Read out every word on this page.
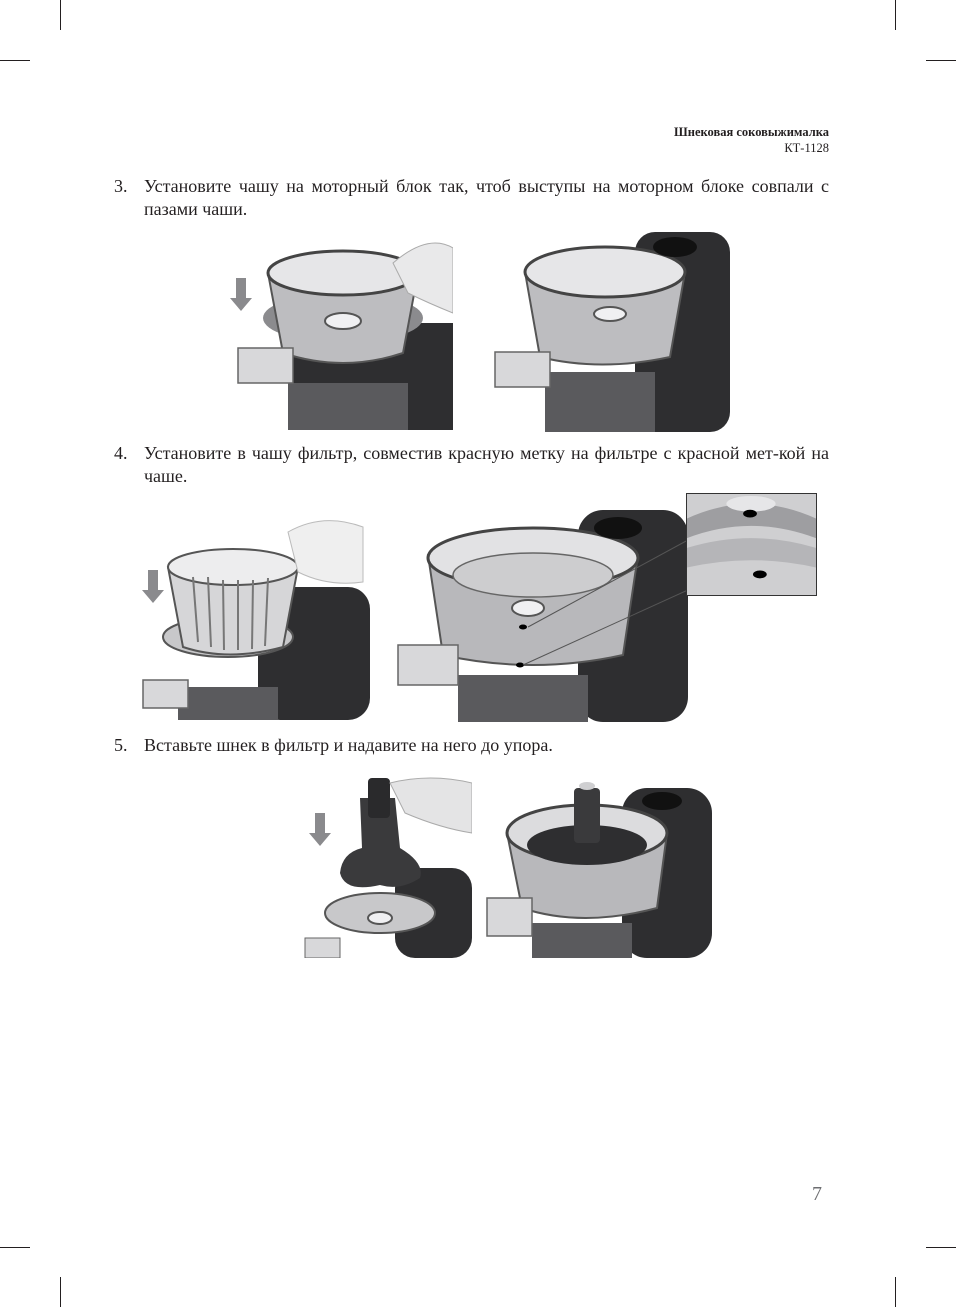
Шнековая соковыжималка
КТ-1128
3. Установите чашу на моторный блок так, чтоб выступы на моторном блоке совпали с пазами чаши.
4. Установите в чашу фильтр, совместив красную метку на фильтре с красной мет-кой на чаше.
5. Вставьте шнек в фильтр и надавите на него до упора.
7
